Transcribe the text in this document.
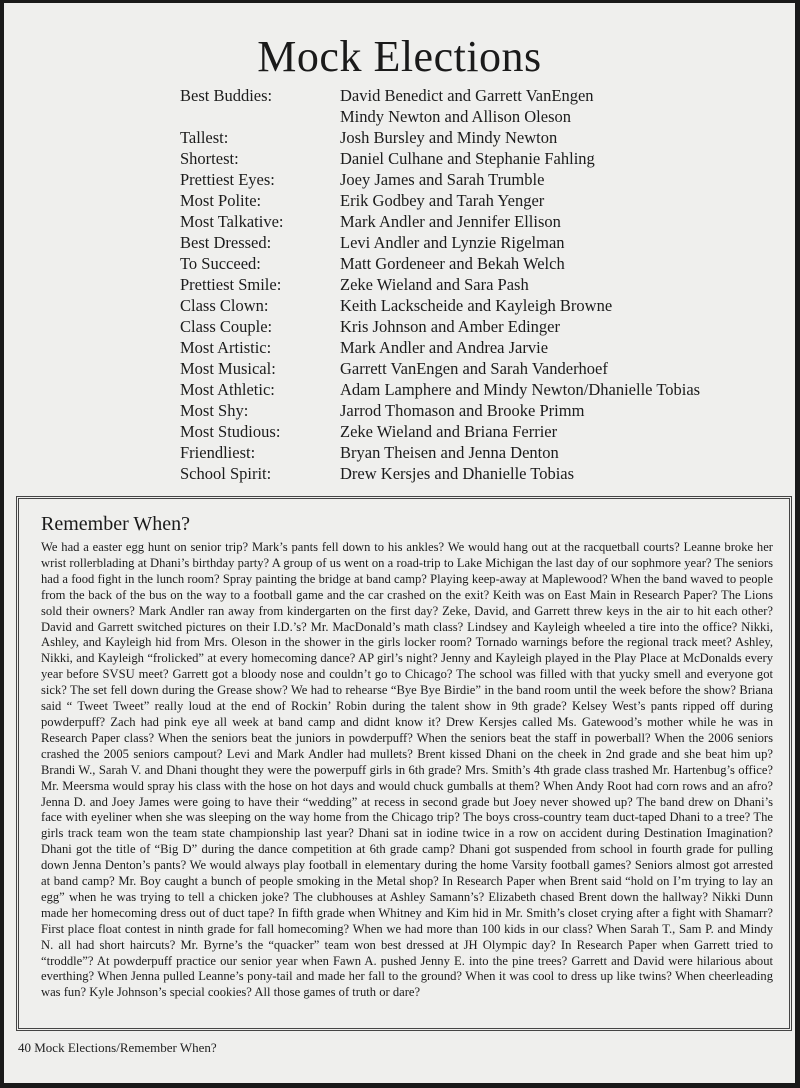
Mock Elections
Best Buddies:	David Benedict and Garrett VanEngen
Mindy Newton and Allison Oleson
Tallest:	Josh Bursley and Mindy Newton
Shortest:	Daniel Culhane and Stephanie Fahling
Prettiest Eyes:	Joey James and Sarah Trumble
Most Polite:	Erik Godbey and Tarah Yenger
Most Talkative:	Mark Andler and Jennifer Ellison
Best Dressed:	Levi Andler and Lynzie Rigelman
To Succeed:	Matt Gordeneer and Bekah Welch
Prettiest Smile:	Zeke Wieland and Sara Pash
Class Clown:	Keith Lackscheide and Kayleigh Browne
Class Couple:	Kris Johnson and Amber Edinger
Most Artistic:	Mark Andler and Andrea Jarvie
Most Musical:	Garrett VanEngen and Sarah Vanderhoef
Most Athletic:	Adam Lamphere and Mindy Newton/Dhanielle Tobias
Most Shy:	Jarrod Thomason and Brooke Primm
Most Studious:	Zeke Wieland and Briana Ferrier
Friendliest:	Bryan Theisen and Jenna Denton
School Spirit:	Drew Kersjes and Dhanielle Tobias
Remember When?

We had a easter egg hunt on senior trip? Mark’s pants fell down to his ankles? We would hang out at the racquetball courts? Leanne broke her wrist rollerblading at Dhani’s birthday party? A group of us went on a road-trip to Lake Michigan the last day of our sophmore year? The seniors had a food fight in the lunch room? Spray painting the bridge at band camp? Playing keep-away at Maplewood? When the band waved to people from the back of the bus on the way to a football game and the car crashed on the exit? Keith was on East Main in Research Paper? The Lions sold their owners? Mark Andler ran away from kindergarten on the first day? Zeke, David, and Garrett threw keys in the air to hit each other? David and Garrett switched pictures on their I.D.’s? Mr. MacDonald’s math class? Lindsey and Kayleigh wheeled a tire into the office? Nikki, Ashley, and Kayleigh hid from Mrs. Oleson in the shower in the girls locker room? Tornado warnings before the regional track meet? Ashley, Nikki, and Kayleigh “frolicked” at every homecoming dance? AP girl’s night? Jenny and Kayleigh played in the Play Place at McDonalds every year before SVSU meet? Garrett got a bloody nose and couldn’t go to Chicago? The school was filled with that yucky smell and everyone got sick? The set fell down during the Grease show? We had to rehearse “Bye Bye Birdie” in the band room until the week before the show? Briana said “ Tweet Tweet” really loud at the end of Rockin’ Robin during the talent show in 9th grade? Kelsey West’s pants ripped off during powderpuff? Zach had pink eye all week at band camp and didnt know it? Drew Kersjes called Ms. Gatewood’s mother while he was in Research Paper class? When the seniors beat the juniors in powderpuff? When the seniors beat the staff in powerball? When the 2006 seniors crashed the 2005 seniors campout? Levi and Mark Andler had mullets? Brent kissed Dhani on the cheek in 2nd grade and she beat him up? Brandi W., Sarah V. and Dhani thought they were the powerpuff girls in 6th grade? Mrs. Smith’s 4th grade class trashed Mr. Hartenbug’s office? Mr. Meersma would spray his class with the hose on hot days and would chuck gumballs at them? When Andy Root had corn rows and an afro? Jenna D. and Joey James were going to have their “wedding” at recess in second grade but Joey never showed up? The band drew on Dhani’s face with eyeliner when she was sleeping on the way home from the Chicago trip? The boys cross-country team duct-taped Dhani to a tree? The girls track team won the team state championship last year? Dhani sat in iodine twice in a row on accident during Destination Imagination? Dhani got the title of “Big D” during the dance competition at 6th grade camp? Dhani got suspended from school in fourth grade for pulling down Jenna Denton’s pants? We would always play football in elementary during the home Varsity football games? Seniors almost got arrested at band camp? Mr. Boy caught a bunch of people smoking in the Metal shop? In Research Paper when Brent said “hold on I’m trying to lay an egg” when he was trying to tell a chicken joke? The clubhouses at Ashley Samann’s? Elizabeth chased Brent down the hallway? Nikki Dunn made her homecoming dress out of duct tape? In fifth grade when Whitney and Kim hid in Mr. Smith’s closet crying after a fight with Shamarr? First place float contest in ninth grade for fall homecoming? When we had more than 100 kids in our class? When Sarah T., Sam P. and Mindy N. all had short haircuts? Mr. Byrne’s the “quacker” team won best dressed at JH Olympic day? In Research Paper when Garrett tried to “troddle”? At powderpuff practice our senior year when Fawn A. pushed Jenny E. into the pine trees? Garrett and David were hilarious about everthing? When Jenna pulled Leanne’s pony-tail and made her fall to the ground? When it was cool to dress up like twins? When cheerleading was fun? Kyle Johnson’s special cookies? All those games of truth or dare?

40 Mock Elections/Remember When?
